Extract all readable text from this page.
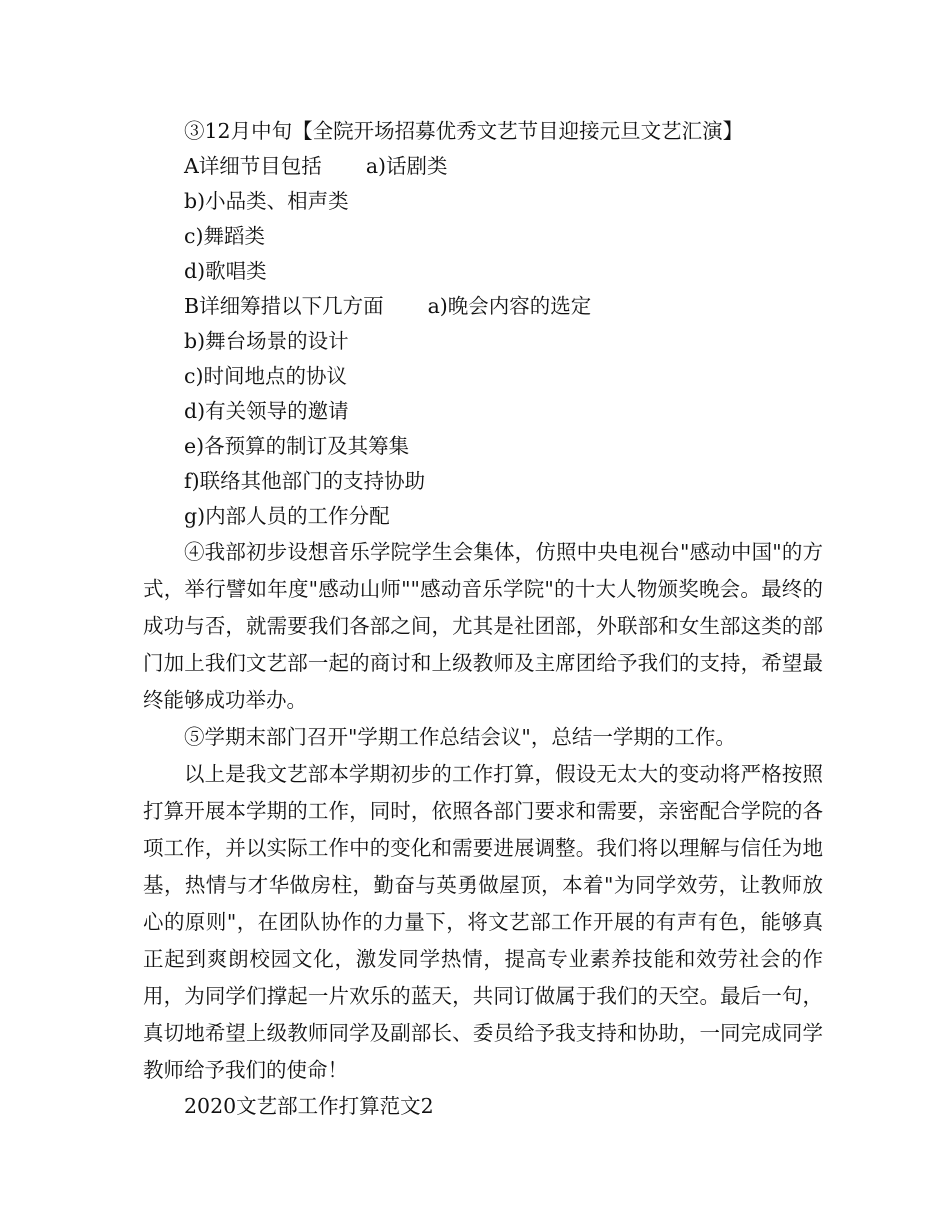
③12月中旬【全院开场招募优秀文艺节目迎接元旦文艺汇演】

A详细节目包括 a)话剧类

b)小品类、相声类

c)舞蹈类

d)歌唱类

B详细筹措以下几方面 a)晚会内容的选定

b)舞台场景的设计

c)时间地点的协议

d)有关领导的邀请

e)各预算的制订及其筹集

f)联络其他部门的支持协助

g)内部人员的工作分配

④我部初步设想音乐学院学生会集体，仿照中央电视台"感动中国"的方式，举行譬如年度"感动山师""感动音乐学院"的十大人物颁奖晚会。最终的成功与否，就需要我们各部之间，尤其是社团部，外联部和女生部这类的部门加上我们文艺部一起的商讨和上级教师及主席团给予我们的支持，希望最终能够成功举办。

⑤学期末部门召开"学期工作总结会议"，总结一学期的工作。

以上是我文艺部本学期初步的工作打算，假设无太大的变动将严格按照打算开展本学期的工作，同时，依照各部门要求和需要，亲密配合学院的各项工作，并以实际工作中的变化和需要进展调整。我们将以理解与信任为地基，热情与才华做房柱，勤奋与英勇做屋顶，本着"为同学效劳，让教师放心的原则"，在团队协作的力量下，将文艺部工作开展的有声有色，能够真正起到爽朗校园文化，激发同学热情，提高专业素养技能和效劳社会的作用，为同学们撑起一片欢乐的蓝天，共同订做属于我们的天空。最后一句，真切地希望上级教师同学及副部长、委员给予我支持和协助，一同完成同学教师给予我们的使命！

2020文艺部工作打算范文2
